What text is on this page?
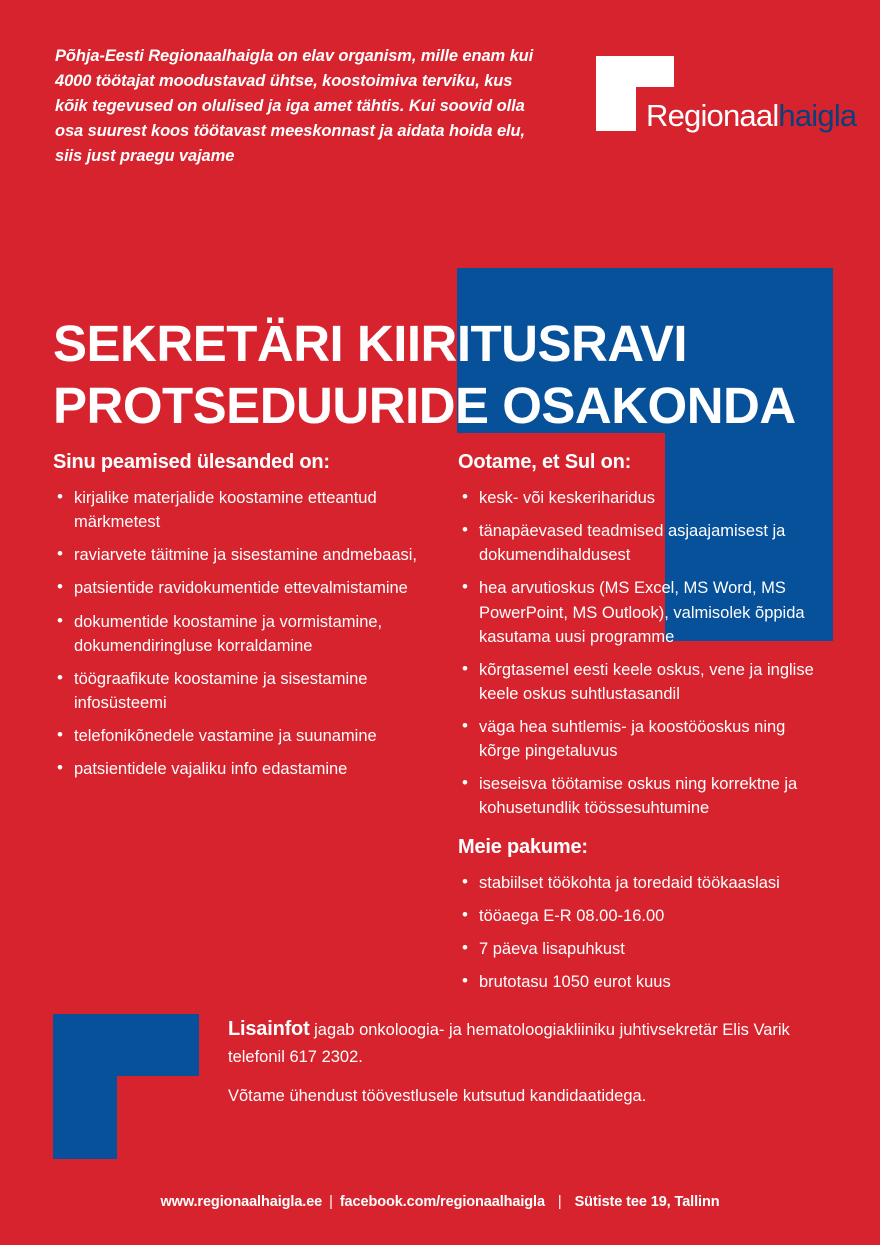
Põhja-Eesti Regionaalhaigla on elav organism, mille enam kui 4000 töötajat moodustavad ühtse, koostoimiva terviku, kus kõik tegevused on olulised ja iga amet tähtis. Kui soovid olla osa suurest koos töötavast meeskonnast ja aidata hoida elu, siis just praegu vajame
Regionaalhaigla
SEKRETÄRI KIIRITUSRAVI
PROTSEDUURIDE OSAKONDA
Sinu peamised ülesanded on:
• kirjalike materjalide koostamine etteantud märkmetest
• raviarvete täitmine ja sisestamine andmebaasi,
• patsientide ravidokumentide ettevalmistamine
• dokumentide koostamine ja vormistamine, dokumendiringluse korraldamine
• töögraafikute koostamine ja sisestamine infosüsteemi
• telefonikõnedele vastamine ja suunamine
• patsientidele vajaliku info edastamine
Ootame, et Sul on:
• kesk- või keskeriharidus
• tänapäevased teadmised asjaajamisest ja dokumendihaldusest
• hea arvutioskus (MS Excel, MS Word, MS PowerPoint, MS Outlook), valmisolek õppida kasutama uusi programme
• kõrgtasemel eesti keele oskus, vene ja inglise keele oskus suhtlustasandil
• väga hea suhtlemis- ja koostööoskus ning kõrge pingetaluvus
• iseseisva töötamise oskus ning korrektne ja kohusetundlik töössesuhtumine
Meie pakume:
• stabiilset töökohta ja toredaid töökaaslasi
• tööaega E-R 08.00-16.00
• 7 päeva lisapuhkust
• brutotasu 1050 eurot kuus
Lisainfot jagab onkoloogia- ja hematoloogiakliiniku juhtivsekretär Elis Varik telefonil 617 2302.
Võtame ühendust töövestlusele kutsutud kandidaatidega.
www.regionaalhaigla.ee | facebook.com/regionaalhaigla | Sütiste tee 19, Tallinn
